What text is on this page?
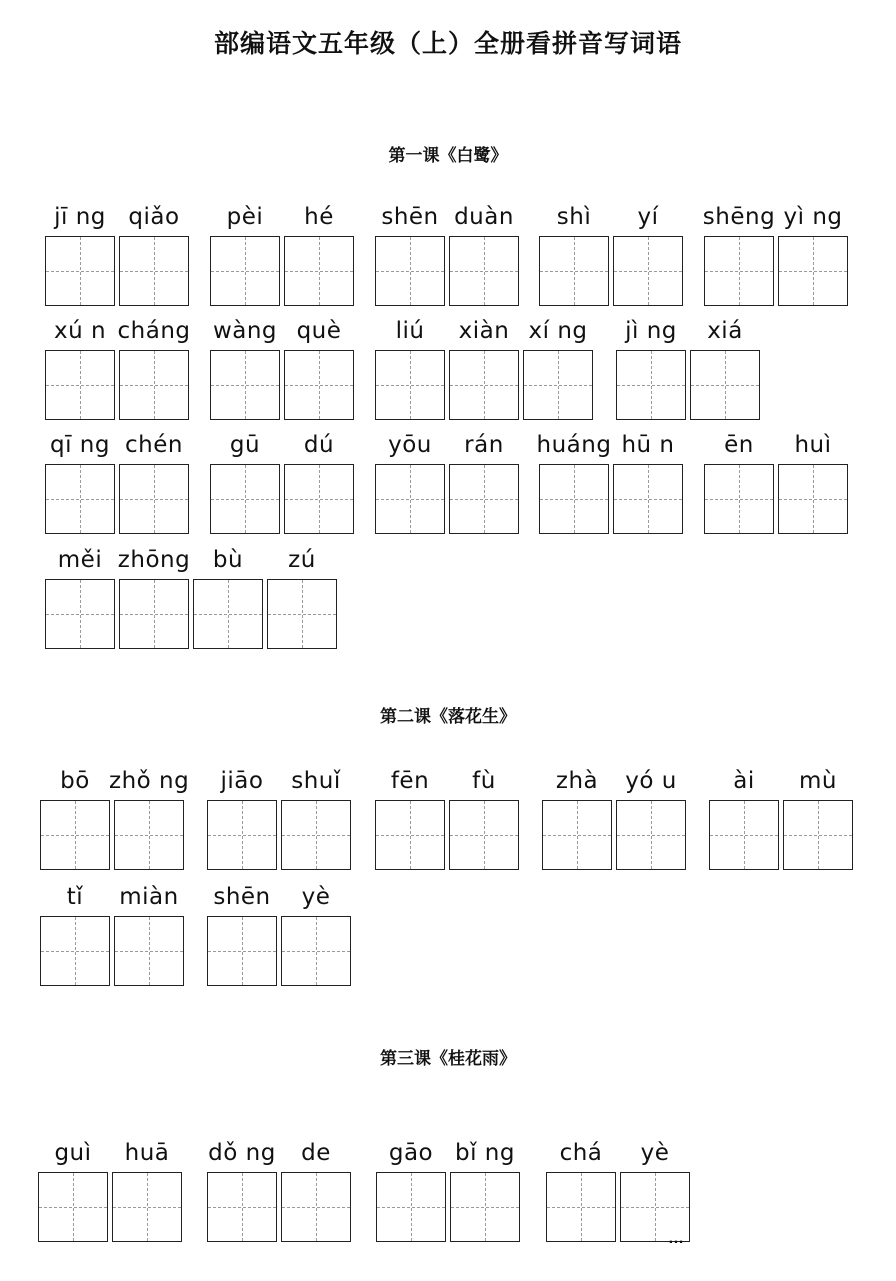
部编语文五年级（上）全册看拼音写词语
第一课《白鹭》
第二课《落花生》
第三课《桂花雨》
jī ng qiǎo	pèi	hé	shēn duàn	shì	yí	shēng yì ng
xú n cháng wàng què	liú	xiàn xí ng	jì ng	xiá
qī ng chén	gū	dú	yōu	rán	huáng hū n	ēn	huì
měi zhōng bù	zú
bō zhǒ ng	jiāo	shuǐ	fēn	fù	zhà	yó u	ài	mù
tǐ	miàn	shēn	yè
guì	huā	dǒ ng	de	gāo bǐ ng	chá	yè
…
